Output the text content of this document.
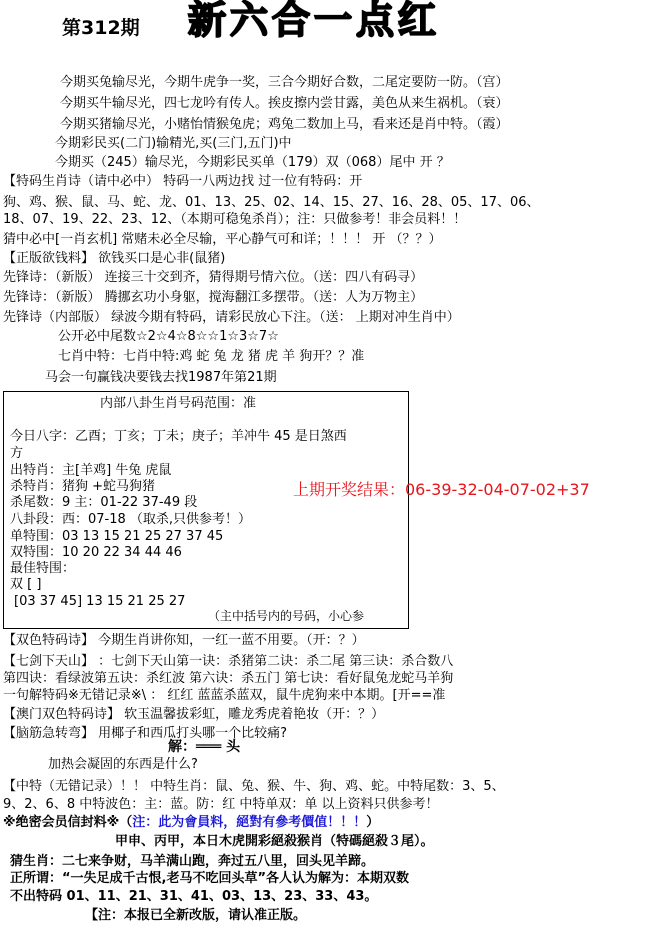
第312期 新六合一点红
今期买兔输尽光，今期牛虎争一奖，三合今期好合数，二尾定要防一防。（宫）
今期买牛输尽光，四七龙吟有传人。挨皮擦内尝甘露，美色从来生祸机。（衰）
今期买猪输尽光，小赌怡情猴兔虎；鸡兔二数加上马，看来还是肖中特。（霞）
今期彩民买(二门)输精光,买(三门,五门)中
今期买（245）输尽光，今期彩民买单（179）双（068）尾中 开 ？
【特码生肖诗（请中必中） 特码一八两边找 过一位有特码：开
狗、鸡、猴、鼠、马、蛇、龙、01、13、25、02、14、15、27、16、28、05、17、06、
18、07、19、22、23、12、（本期可稳兔杀肖）；注：只做参考！非会员料！！
猜中必中[一肖玄机] 常赌未必全尽输，平心静气可和详；！！！ 开 （？？）
【正版欲钱料】 欲钱买口是心非(鼠猪)
先锋诗：（新版） 连接三十交到齐，猜得期号情六位。（送：四八有码寻）
先锋诗：（新版） 腾挪玄功小身躯，搅海翻江多摆带。（送：人为万物主）
先锋诗（内部版） 绿波今期有特码，请彩民放心下注。（送： 上期对冲生肖中）
公开必中尾数☆2☆4☆8☆☆1☆3☆7☆
七肖中特：七肖中特:鸡 蛇 兔 龙 猪 虎 羊 狗开？？准
马会一句赢钱决要钱去找1987年第21期
内部八卦生肖号码范围：准
今日八字：乙酉；丁亥；丁未；庚子；羊冲牛 45 是日煞西
方
出特肖：主[羊鸡] 牛兔 虎鼠
杀特肖：猪狗 +蛇马狗猪
杀尾数：9 主：01-22 37-49 段
八卦段：西：07-18 （取杀,只供参考！）
单特围：03 13 15 21 25 27 37 45
双特围：10 20 22 34 44 46
最佳特围：
双 [ ]
[03 37 45] 13 15 21 25 27
（主中括号内的号码，小心参
上期开奖结果：06-39-32-04-07-02+37
【双色特码诗】 今期生肖讲你知，一红一蓝不用要。（开：？）
【七剑下天山】 ：七剑下天山第一诀：杀猪第二诀：杀二尾 第三诀：杀合数八
第四诀：看绿波第五诀：杀红波 第六诀：杀五门 第七诀：看好鼠兔龙蛇马羊狗
一句解特码※无错记录※\ ： 红红 蓝蓝杀蓝双，鼠牛虎狗来中本期。[开==准
【澳门双色特码诗】 软玉温馨拔彩虹，雕龙秀虎着艳妆（开：？）
【脑筋急转弯】 用椰子和西瓜打头哪一个比较痛?
解：═══ 头
加热会凝固的东西是什么?
【中特（无错记录）！！ 中特生肖：鼠、兔、猴、牛、狗、鸡、蛇。中特尾数：3、5、
9、2、6、8 中特波色：主：蓝。防：红 中特单双：单 以上资料只供参考！
※绝密会员信封料※（注：此为會員料，絕對有參考價值！！！）
甲申、丙甲，本日木虎開彩絕殺猴肖（特碼絕殺３尾）。
猜生肖：二七来争财，马羊满山跑，奔过五八里，回头见羊蹄。
正所谓：“一失足成千古恨,老马不吃回头草”各人认为解为：本期双数
不出特码 01、11、21、31、41、03、13、23、33、43。
【注：本报已全新改版，请认准正版。
